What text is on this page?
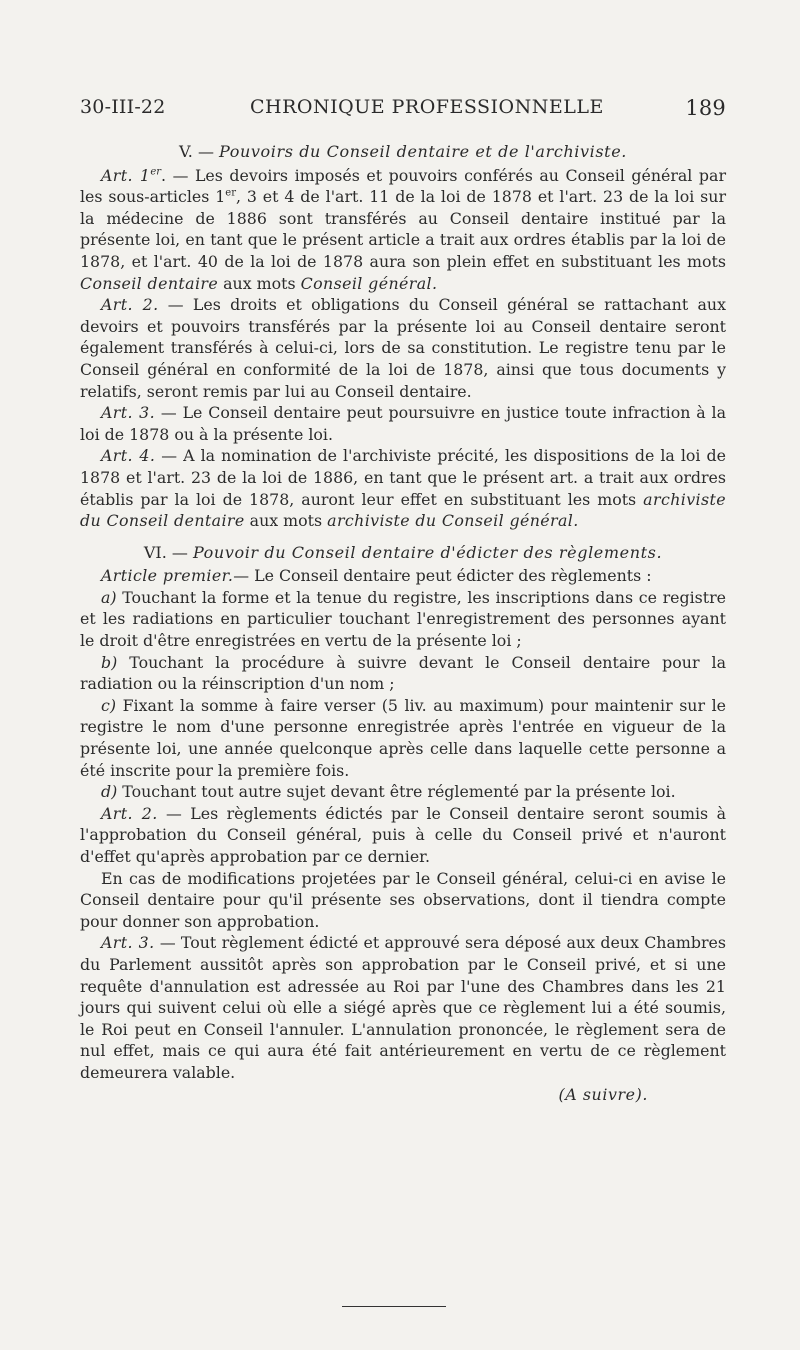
30-III-22	CHRONIQUE PROFESSIONNELLE	189
V. — Pouvoirs du Conseil dentaire et de l'archiviste.

Art. 1er. — Les devoirs imposés et pouvoirs conférés au Conseil général par les sous-articles 1er, 3 et 4 de l'art. 11 de la loi de 1878 et l'art. 23 de la loi sur la médecine de 1886 sont transférés au Conseil dentaire institué par la présente loi, en tant que le présent article a trait aux ordres établis par la loi de 1878, et l'art. 40 de la loi de 1878 aura son plein effet en substituant les mots Conseil dentaire aux mots Conseil général.

Art. 2. — Les droits et obligations du Conseil général se rattachant aux devoirs et pouvoirs transférés par la présente loi au Conseil dentaire seront également transférés à celui-ci, lors de sa constitution. Le registre tenu par le Conseil général en conformité de la loi de 1878, ainsi que tous documents y relatifs, seront remis par lui au Conseil dentaire.

Art. 3. — Le Conseil dentaire peut poursuivre en justice toute infraction à la loi de 1878 ou à la présente loi.

Art. 4. — A la nomination de l'archiviste précité, les dispositions de la loi de 1878 et l'art. 23 de la loi de 1886, en tant que le présent art. a trait aux ordres établis par la loi de 1878, auront leur effet en substituant les mots archiviste du Conseil dentaire aux mots archiviste du Conseil général.

VI. — Pouvoir du Conseil dentaire d'édicter des règlements.

Article premier.— Le Conseil dentaire peut édicter des règlements :

a) Touchant la forme et la tenue du registre, les inscriptions dans ce registre et les radiations en particulier touchant l'enregistrement des personnes ayant le droit d'être enregistrées en vertu de la présente loi ;

b) Touchant la procédure à suivre devant le Conseil dentaire pour la radiation ou la réinscription d'un nom ;

c) Fixant la somme à faire verser (5 liv. au maximum) pour maintenir sur le registre le nom d'une personne enregistrée après l'entrée en vigueur de la présente loi, une année quelconque après celle dans laquelle cette personne a été inscrite pour la première fois.

d) Touchant tout autre sujet devant être réglementé par la présente loi.

Art. 2. — Les règlements édictés par le Conseil dentaire seront soumis à l'approbation du Conseil général, puis à celle du Conseil privé et n'auront d'effet qu'après approbation par ce dernier.

En cas de modifications projetées par le Conseil général, celui-ci en avise le Conseil dentaire pour qu'il présente ses observations, dont il tiendra compte pour donner son approbation.

Art. 3. — Tout règlement édicté et approuvé sera déposé aux deux Chambres du Parlement aussitôt après son approbation par le Conseil privé, et si une requête d'annulation est adressée au Roi par l'une des Chambres dans les 21 jours qui suivent celui où elle a siégé après que ce règlement lui a été soumis, le Roi peut en Conseil l'annuler. L'annulation prononcée, le règlement sera de nul effet, mais ce qui aura été fait antérieurement en vertu de ce règlement demeurera valable.

(A suivre).
